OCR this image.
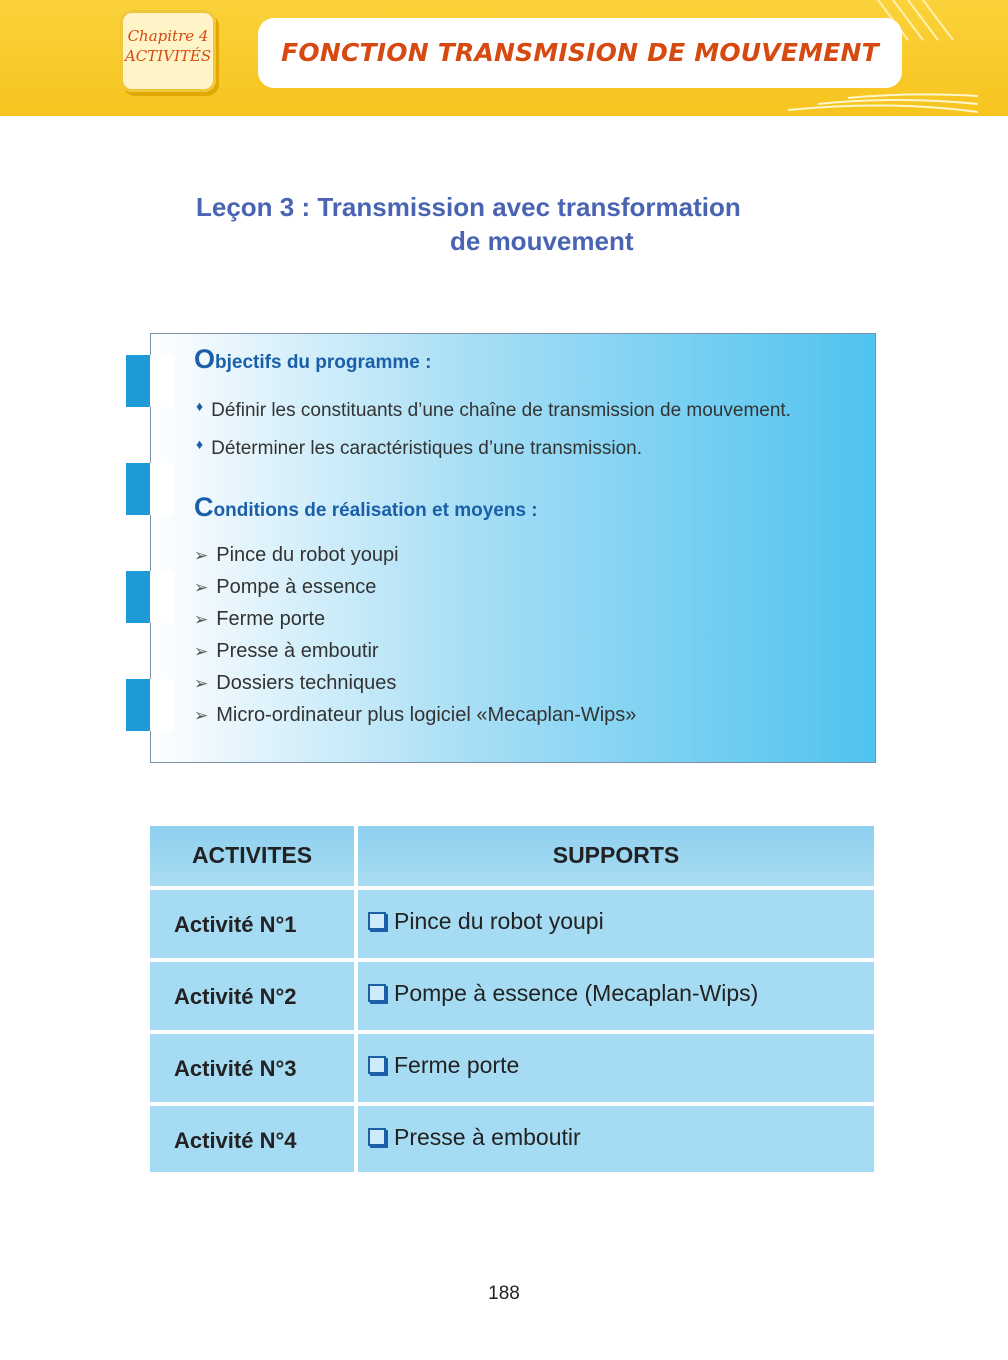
Chapitre 4
ACTIVITÉS	FONCTION TRANSMISION DE MOUVEMENT
Leçon 3 : Transmission avec transformation
de mouvement
Objectifs du programme :
♦ Définir les constituants d’une chaîne de transmission de mouvement.
♦ Déterminer les caractéristiques d’une transmission.
Conditions de réalisation et moyens :
➢ Pince du robot youpi
➢ Pompe à essence
➢ Ferme porte
➢ Presse à emboutir
➢ Dossiers techniques
➢ Micro-ordinateur plus logiciel «Mecaplan-Wips»
ACTIVITES	SUPPORTS
Activité N°1	Pince du robot youpi
Activité N°2	Pompe à essence (Mecaplan-Wips)
Activité N°3	Ferme porte
Activité N°4	Presse à emboutir
188
